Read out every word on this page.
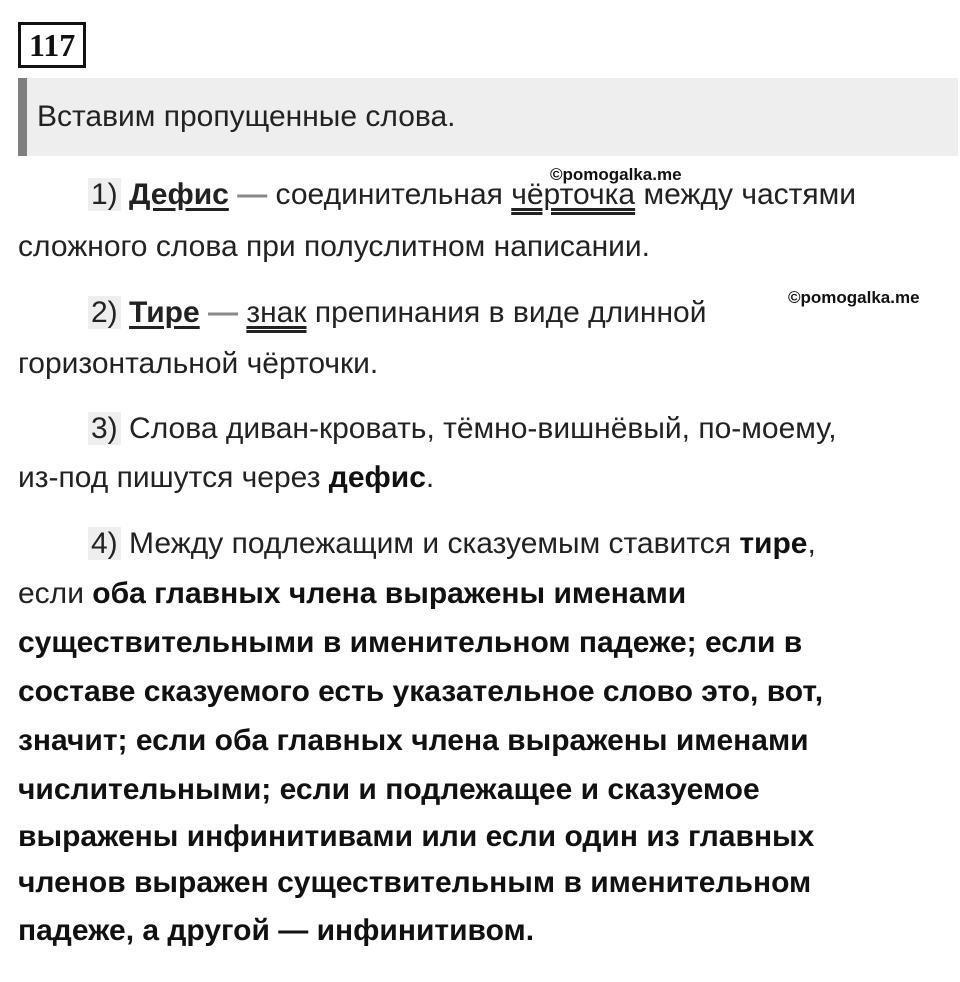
117
Вставим пропущенные слова.
©pomogalka.me
©pomogalka.me
1) Дефис — соединительная чёрточка между частями
сложного слова при полуслитном написании.
2) Тире — знак препинания в виде длинной
горизонтальной чёрточки.
3) Слова диван-кровать, тёмно-вишнёвый, по-моему,
из-под пишутся через дефис.
4) Между подлежащим и сказуемым ставится тире,
если оба главных члена выражены именами
существительными в именительном падеже; если в
составе сказуемого есть указательное слово это, вот,
значит; если оба главных члена выражены именами
числительными; если и подлежащее и сказуемое
выражены инфинитивами или если один из главных
членов выражен существительным в именительном
падеже, а другой — инфинитивом.
